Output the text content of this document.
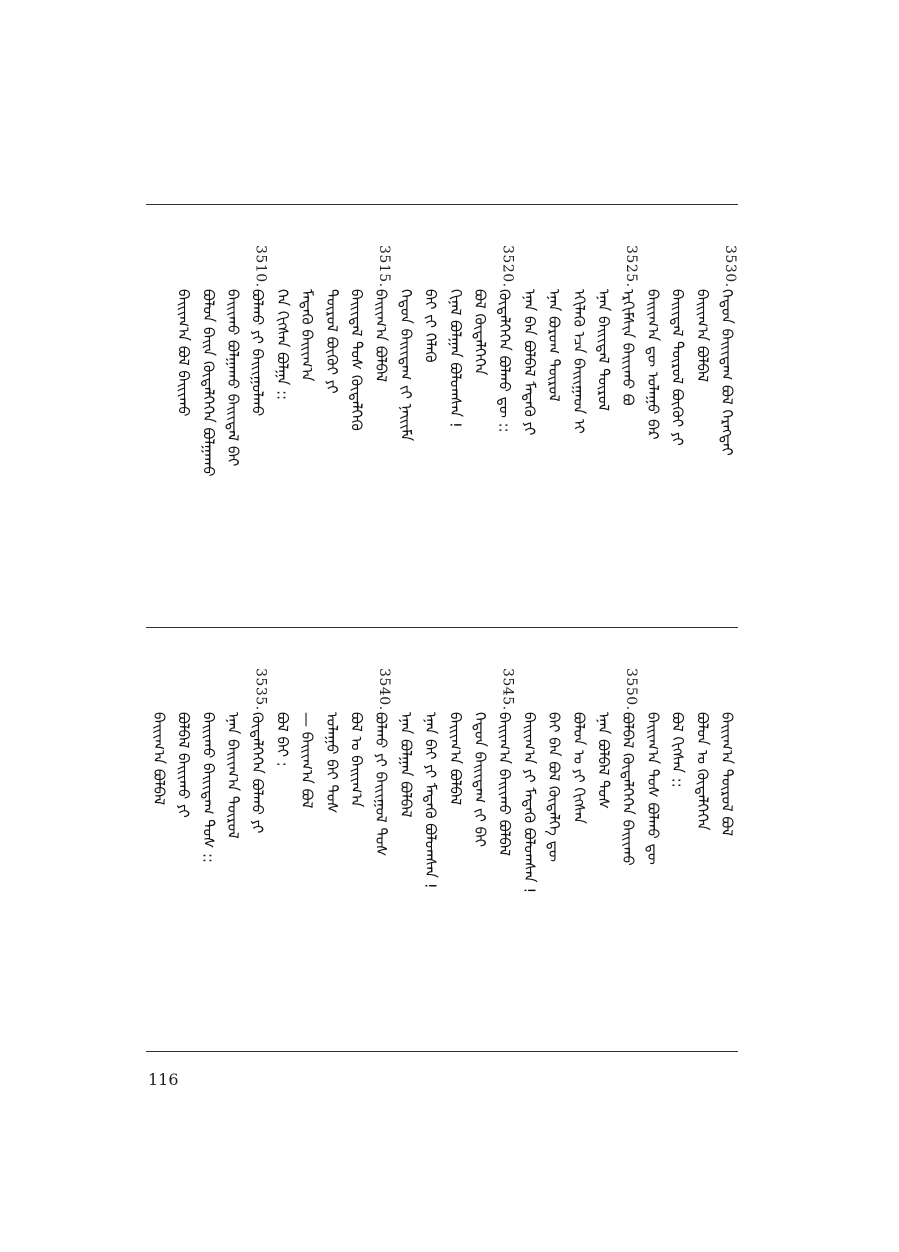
3530.
ᠬᠡᠳᠦᠨ ᠪᠠᠢᠢᠳᠠᠭ ᠪᠣᠯ ᠬᠡᠷᠡᠭᠲᠡᠢ
ᠪᠠᠢᠢᠭ᠎ᠠ ᠪᠣᠯᠪᠠᠯ
ᠪᠠᠢᠢᠳᠠᠯ ᠲᠥᠷᠥᠯ ᠪᠥᠬᠦᠢ ᠶᠢ
ᠪᠠᠢᠢᠭ᠎ᠠ ᠳᠦ ᠣᠯᠠᠭᠤ ᠪᠡᠷ
3525.
ᠡᠷᠬᠢᠮᠰᠢᠨ ᠪᠠᠢᠢᠬᠤ ᠪᠤ
ᠡᠨᠡᠨ ᠪᠠᠢᠢᠳᠠᠯ ᠲᠥᠷᠥᠯ
ᠡᠬᠢᠯᠡᠬᠦ ᠡᠴᠡ ᠪᠠᠢᠢᠭᠠᠳ ᠢ
ᠡᠨᠡᠨ ᠪᠣᠷᠣᠭ ᠲᠥᠷᠥᠯ
ᠡᠨᠡᠨ ᠪᠠᠨ ᠪᠣᠯᠪᠠᠯ ᠮᠡᠳᠡᠬᠦ ᠶᠢ
3520.
ᠬᠥᠳᠡᠯᠭᠡᠭᠡᠨ ᠪᠣᠯᠬᠤ ᠳᠦ ::
ᠪᠣᠯ ᠬᠥᠳᠡᠯᠭᠡᠭᠡᠨ
ᠬᠢᠨᠠᠯ ᠪᠣᠯᠭᠠᠨ ᠪᠣᠯᠤᠭᠰᠠᠨ !
ᠪᠠᠢ ᠵᠢ ᠬᠡᠯᠡᠬᠦ
ᠬᠡᠳᠦᠨ ᠪᠠᠢᠢᠳᠠᠭ ᠵᠢ ᠨᠠᠢᠢᠮᠠ
3515.
ᠪᠠᠢᠢᠭ᠎ᠠ ᠪᠣᠯᠪᠠᠯ
ᠪᠠᠢᠢᠳᠠᠯ ᠲᠣᠰ ᠬᠥᠳᠡᠯᠭᠡᠬᠦ
ᠲᠥᠷᠥᠯ ᠪᠥᠬᠦᠢ ᠶᠢ
ᠮᠡᠳᠡᠬᠦ ᠪᠠᠢᠢᠭ᠎ᠠ
ᠬᠡᠨ ᠬᠢᠭᠰᠡᠨ ᠪᠣᠯᠭᠠ ::
3510.
ᠪᠣᠯᠬᠤ ᠶᠢ ᠪᠠᠢᠢᠭᠤᠯᠬᠤ
ᠪᠠᠢᠢᠬᠤ ᠪᠣᠯᠭᠠᠬᠤ ᠪᠠᠢᠢᠳᠠᠯ ᠪᠠᠢ
ᠪᠣᠯᠤᠨ ᠪᠠᠢᠨ ᠬᠥᠳᠡᠯᠭᠡᠭᠡᠨ ᠪᠣᠯᠭᠠᠬᠤ
ᠪᠠᠢᠢᠭ᠎ᠠ ᠪᠣᠯ ᠪᠠᠢᠢᠬᠤ
ᠪᠠᠢᠢᠭ᠎ᠠ ᠲᠥᠷᠥᠯ ᠪᠣᠯ
ᠪᠣᠯᠤᠨ ᠤ ᠬᠥᠳᠡᠯᠭᠡᠭᠡᠨ
ᠪᠣᠯ ᠬᠢᠭᠰᠡᠨ ::
ᠪᠠᠢᠢᠭ᠎ᠠ ᠲᠣᠰ ᠪᠣᠯᠬᠤ ᠳᠦ
3550.
ᠪᠣᠯᠪᠠᠯ ᠬᠥᠳᠡᠯᠭᠡᠭᠡᠨ ᠪᠠᠢᠢᠬᠤ
ᠡᠨᠡᠨ ᠪᠣᠯᠪᠠᠯ ᠲᠣᠰ
ᠪᠣᠯᠤᠨ ᠤ ᠶᠢ ᠬᠢᠭᠰᠡᠨ
ᠪᠠᠢ ᠪᠠᠨ ᠪᠣᠯ ᠬᠥᠳᠡᠯᠭᠡ ᠳᠦ
ᠪᠠᠢᠢᠭ᠎ᠠ ᠶᠢ ᠮᠡᠳᠡᠬᠦ ᠪᠣᠯᠤᠭᠰᠠᠨ !
3545.
ᠪᠠᠢᠢᠭ᠎ᠠ ᠪᠠᠢᠢᠬᠤ ᠪᠣᠯᠪᠠᠯ
ᠬᠡᠳᠦᠨ ᠪᠠᠢᠢᠳᠠᠭ ᠵᠢ ᠪᠠᠢ
ᠪᠠᠢᠢᠭ᠎ᠠ ᠪᠣᠯᠪᠠᠯ
ᠡᠨᠡᠨ ᠪᠠᠢ ᠶᠢ ᠮᠡᠳᠡᠬᠦ ᠪᠣᠯᠤᠭᠰᠠᠨ !
ᠡᠨᠡᠨ ᠪᠣᠯᠭᠠᠨ ᠪᠣᠯᠪᠠᠯ
3540.
ᠪᠣᠯᠬᠤ ᠶᠢ ᠪᠠᠢᠢᠭᠤᠯ ᠲᠣᠰ
ᠪᠣᠯ ᠤ ᠪᠠᠢᠢᠭ᠎ᠠ
ᠣᠯᠠᠭᠤ ᠪᠠᠢ ᠲᠣᠰ
— ᠪᠠᠢᠢᠭ᠎ᠠ ᠪᠣᠯ
ᠪᠣᠯ ᠪᠠᠢ :
3535.
ᠬᠥᠳᠡᠯᠭᠡᠭᠡᠨ ᠪᠣᠯᠬᠤ ᠶᠢ
ᠡᠨᠡᠨ ᠪᠠᠢᠢᠭ᠎ᠠ ᠲᠥᠷᠥᠯ
ᠪᠠᠢᠢᠬᠤ ᠪᠠᠢᠢᠳᠠᠭ ᠲᠣᠰ ::
ᠪᠣᠯᠪᠠᠯ ᠪᠠᠢᠢᠬᠤ ᠶᠢ
ᠪᠠᠢᠢᠭ᠎ᠠ ᠪᠣᠯᠪᠠᠯ
116
